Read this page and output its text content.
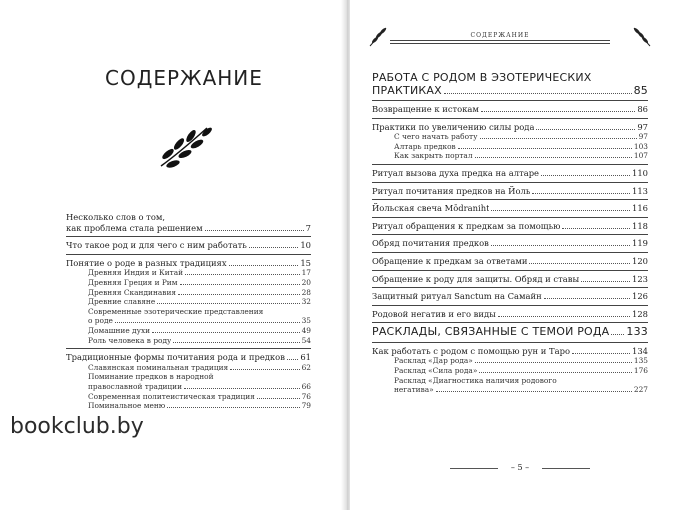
СОДЕРЖАНИЕ
Несколько слов о том,
как проблема стала решением	7
Что такое род и для чего с ним работать	10
Понятие о роде в разных традициях	15
Древняя Индия и Китай	17
Древняя Греция и Рим	20
Древняя Скандинавия	28
Древние славяне	32
Современные эзотерические представления
о роде	35
Домашние духи	49
Роль человека в роду	54
Традиционные формы почитания рода и предков 61
Славянская поминальная традиция	62
Поминание предков в народной
православной традиции	66
Современная политеистическая традиция	76
Поминальное меню	79
СОДЕРЖАНИЕ
РАБОТА С РОДОМ В ЭЗОТЕРИЧЕСКИХ
ПРАКТИКАХ	85
Возвращение к истокам	86
Практики по увеличению силы рода	97
С чего начать работу	97
Алтарь предков	103
Как закрыть портал	107
Ритуал вызова духа предка на алтаре	110
Ритуал почитания предков на Йоль	113
Йольская свеча Mōdraniht	116
Ритуал обращения к предкам за помощью	118
Обряд почитания предков	119
Обращение к предкам за ответами	120
Обращение к роду для защиты. Обряд и ставы	123
Защитный ритуал Sanctum на Самайн	126
Родовой негатив и его виды	128
РАСКЛАДЫ, СВЯЗАННЫЕ С ТЕМОЙ РОДА 133
Как работать с родом с помощью рун и Таро	134
Расклад «Дар рода»	135
Расклад «Сила рода»	176
Расклад «Диагностика наличия родового
негатива»	227
– 5 –
bookclub.by
